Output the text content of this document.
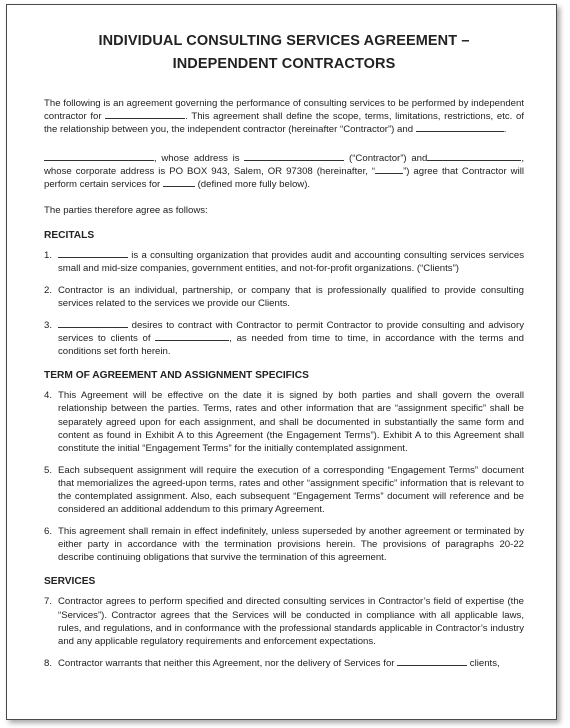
INDIVIDUAL CONSULTING SERVICES AGREEMENT –
INDEPENDENT CONTRACTORS

The following is an agreement governing the performance of consulting services to be performed by independent contractor for	. This agreement shall define the scope, terms, limitations, restrictions, etc. of the relationship between you, the independent contractor (hereinafter “Contractor”) and	.

, whose address is	(“Contractor”) and	, whose corporate address is PO BOX 943, Salem, OR 97308 (hereinafter, “	”) agree that Contractor will perform certain services for	(defined more fully below).

The parties therefore agree as follows:

RECITALS
1.	is a consulting organization that provides audit and accounting consulting services services small and mid-size companies, government entities, and not-for-profit organizations. (“Clients”)

2. Contractor is an individual, partnership, or company that is professionally qualified to provide consulting services related to the services we provide our Clients.

3.	desires to contract with Contractor to permit Contractor to provide consulting and advisory services to clients of	, as needed from time to time, in accordance with the terms and conditions set forth herein.

TERM OF AGREEMENT AND ASSIGNMENT SPECIFICS
4. This Agreement will be effective on the date it is signed by both parties and shall govern the overall relationship between the parties. Terms, rates and other information that are “assignment specific” shall be separately agreed upon for each assignment, and shall be documented in substantially the same form and content as found in Exhibit A to this Agreement (the Engagement Terms”). Exhibit A to this Agreement shall constitute the initial “Engagement Terms” for the initially contemplated assignment.

5. Each subsequent assignment will require the execution of a corresponding “Engagement Terms” document that memorializes the agreed-upon terms, rates and other “assignment specific” information that is relevant to the contemplated assignment. Also, each subsequent “Engagement Terms” document will reference and be considered an additional addendum to this primary Agreement.

6. This agreement shall remain in effect indefinitely, unless superseded by another agreement or terminated by either party in accordance with the termination provisions herein. The provisions of paragraphs 20-22 describe continuing obligations that survive the termination of this agreement.

SERVICES
7. Contractor agrees to perform specified and directed consulting services in Contractor’s field of expertise (the “Services”). Contractor agrees that the Services will be conducted in compliance with all applicable laws, rules, and regulations, and in conformance with the professional standards applicable in Contractor’s industry and any applicable regulatory requirements and enforcement expectations.

8. Contractor warrants that neither this Agreement, nor the delivery of Services for	clients,
